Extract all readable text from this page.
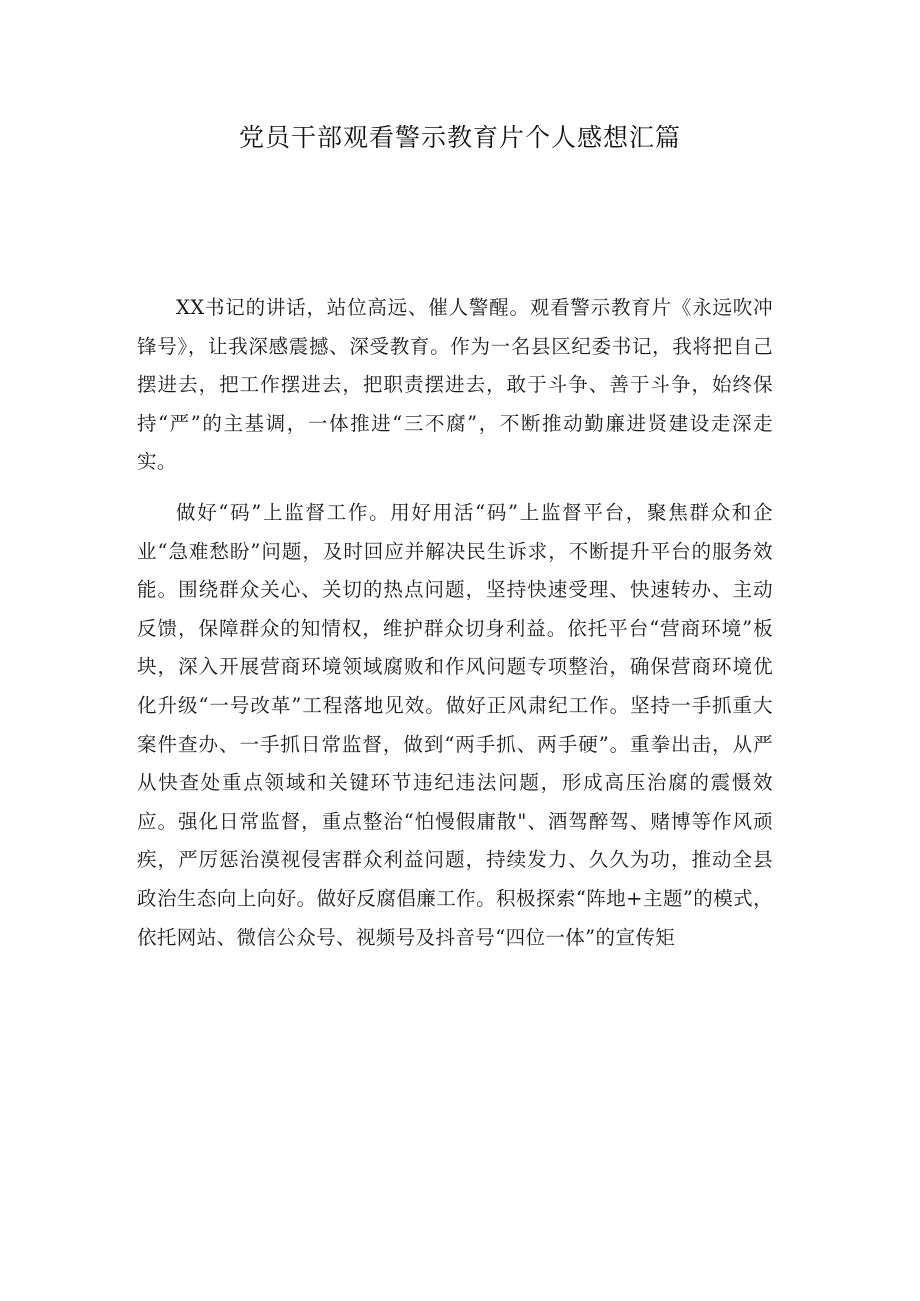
党员干部观看警示教育片个人感想汇篇

XX书记的讲话，站位高远、催人警醒。观看警示教育片《永远吹冲锋号》，让我深感震撼、深受教育。作为一名县区纪委书记，我将把自己摆进去，把工作摆进去，把职责摆进去，敢于斗争、善于斗争，始终保持“严”的主基调，一体推进“三不腐”，不断推动勤廉进贤建设走深走实。

做好“码”上监督工作。用好用活“码”上监督平台，聚焦群众和企业“急难愁盼”问题，及时回应并解决民生诉求，不断提升平台的服务效能。围绕群众关心、关切的热点问题，坚持快速受理、快速转办、主动反馈，保障群众的知情权，维护群众切身利益。依托平台“营商环境”板块，深入开展营商环境领域腐败和作风问题专项整治，确保营商环境优化升级“一号改革”工程落地见效。做好正风肃纪工作。坚持一手抓重大案件查办、一手抓日常监督，做到“两手抓、两手硬”。重拳出击，从严从快查处重点领域和关键环节违纪违法问题，形成高压治腐的震慑效应。强化日常监督，重点整治“怕慢假庸散"、酒驾醉驾、赌博等作风顽疾，严厉惩治漠视侵害群众利益问题，持续发力、久久为功，推动全县政治生态向上向好。做好反腐倡廉工作。积极探索“阵地+主题”的模式，依托网站、微信公众号、视频号及抖音号“四位一体”的宣传矩
